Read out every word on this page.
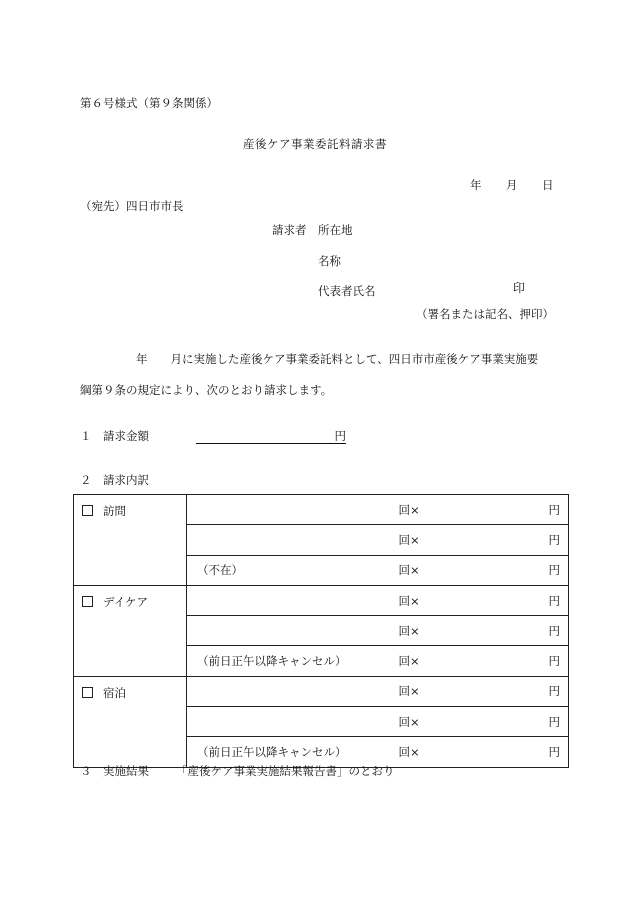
第６号様式（第９条関係）
産後ケア事業委託料請求書
年 月 日
（宛先）四日市市長
請求者 所在地
名称
代表者氏名	印
（署名または記名、押印）
年　　月に実施した産後ケア事業委託料として、四日市市産後ケア事業実施要
綱第９条の規定により、次のとおり請求します。
１　請求金額	円
２　請求内訳
訪問		回×	円
		回×	円
	（不在）	回×	円
デイケア		回×	円
		回×	円
	（前日正午以降キャンセル）	回×	円
宿泊		回×	円
		回×	円
	（前日正午以降キャンセル）	回×	円
３　実施結果 「産後ケア事業実施結果報告書」のとおり
